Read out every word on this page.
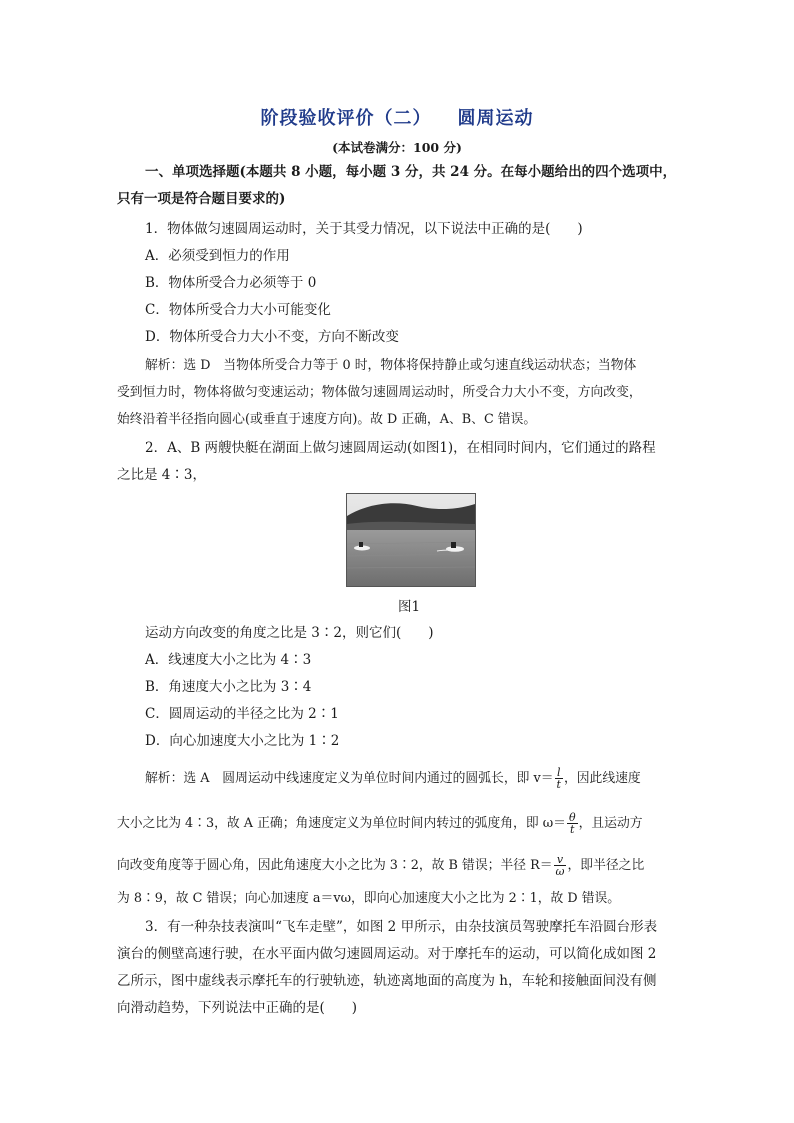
阶段验收评价（二） 圆周运动
(本试卷满分：100 分)
一、单项选择题(本题共 8 小题，每小题 3 分，共 24 分。在每小题给出的四个选项中，
只有一项是符合题目要求的)
1．物体做匀速圆周运动时，关于其受力情况，以下说法中正确的是(　　)
A．必须受到恒力的作用
B．物体所受合力必须等于 0
C．物体所受合力大小可能变化
D．物体所受合力大小不变，方向不断改变
解析：选 D　当物体所受合力等于 0 时，物体将保持静止或匀速直线运动状态；当物体
受到恒力时，物体将做匀变速运动；物体做匀速圆周运动时，所受合力大小不变，方向改变，
始终沿着半径指向圆心(或垂直于速度方向)。故 D 正确，A、B、C 错误。
2．A、B 两艘快艇在湖面上做匀速圆周运动(如图1)，在相同时间内，它们通过的路程
之比是 4∶3，
图1
运动方向改变的角度之比是 3∶2，则它们(　　)
A．线速度大小之比为 4∶3
B．角速度大小之比为 3∶4
C．圆周运动的半径之比为 2∶1
D．向心加速度大小之比为 1∶2
解析：选 A　圆周运动中线速度定义为单位时间内通过的圆弧长，即 $v= \frac{l}{t}$ ，因此线速度
大小之比为 4∶3，故 A 正确；角速度定义为单位时间内转过的弧度角，即 $\omega= \frac{\theta}{t}$ ，且运动方
向改变角度等于圆心角，因此角速度大小之比为 3∶2，故 B 错误；半径 $R= \frac{v}{\omega}$ ，即半径之比
为 8∶9，故 C 错误；向心加速度 a＝vω，即向心加速度大小之比为 2∶1，故 D 错误。
3．有一种杂技表演叫“飞车走壁”，如图 2 甲所示，由杂技演员驾驶摩托车沿圆台形表
演台的侧壁高速行驶，在水平面内做匀速圆周运动。对于摩托车的运动，可以简化成如图 2
乙所示，图中虚线表示摩托车的行驶轨迹，轨迹离地面的高度为 h，车轮和接触面间没有侧
向滑动趋势，下列说法中正确的是(　　)
